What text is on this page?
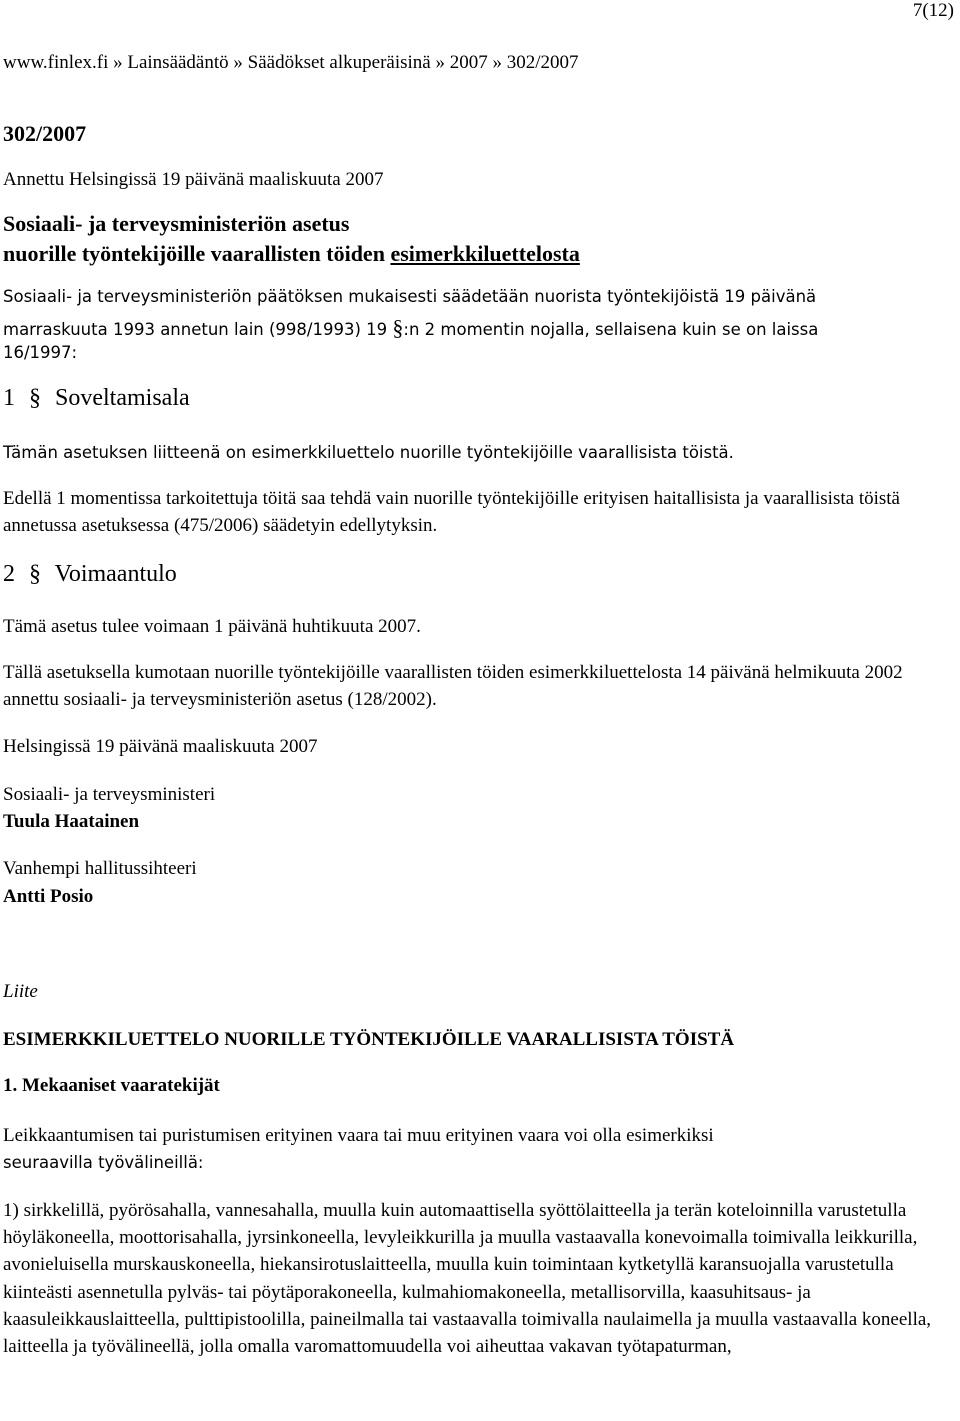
7(12)
www.finlex.fi » Lainsäädäntö » Säädökset alkuperäisinä » 2007 » 302/2007
302/2007
Annettu Helsingissä 19 päivänä maaliskuuta 2007
Sosiaali- ja terveysministeriön asetus
nuorille työntekijöille vaarallisten töiden esimerkkiluettelosta
Sosiaali- ja terveysministeriön päätöksen mukaisesti säädetään nuorista työntekijöistä 19 päivänä
marraskuuta 1993 annetun lain (998/1993) 19 §:n 2 momentin nojalla, sellaisena kuin se on laissa
16/1997:
1 § Soveltamisala
Tämän asetuksen liitteenä on esimerkkiluettelo nuorille työntekijöille vaarallisista töistä.
Edellä 1 momentissa tarkoitettuja töitä saa tehdä vain nuorille työntekijöille erityisen haitallisista ja vaarallisista töistä annetussa asetuksessa (475/2006) säädetyin edellytyksin.
2 § Voimaantulo
Tämä asetus tulee voimaan 1 päivänä huhtikuuta 2007.
Tällä asetuksella kumotaan nuorille työntekijöille vaarallisten töiden esimerkkiluettelosta 14 päivänä helmikuuta 2002 annettu sosiaali- ja terveysministeriön asetus (128/2002).
Helsingissä 19 päivänä maaliskuuta 2007
Sosiaali- ja terveysministeri
Tuula Haatainen
Vanhempi hallitussihteeri
Antti Posio
Liite
ESIMERKKILUETTELO NUORILLE TYÖNTEKIJÖILLE VAARALLISISTA TÖISTÄ
1. Mekaaniset vaaratekijät
Leikkaantumisen tai puristumisen erityinen vaara tai muu erityinen vaara voi olla esimerkiksi
seuraavilla työvälineillä:
1) sirkkelillä, pyörösahalla, vannesahalla, muulla kuin automaattisella syöttölaitteella ja terän koteloinnilla varustetulla höyläkoneella, moottorisahalla, jyrsinkoneella, levyleikkurilla ja muulla vastaavalla konevoimalla toimivalla leikkurilla, avonieluisella murskauskoneella, hiekansirotuslaitteella, muulla kuin toimintaan kytketyllä karansuojalla varustetulla kiinteästi asennetulla pylväs- tai pöytäporakoneella, kulmahiomakoneella, metallisorvilla, kaasuhitsaus- ja kaasuleikkauslaitteella, pulttipistoolilla, paineilmalla tai vastaavalla toimivalla naulaimella ja muulla vastaavalla koneella, laitteella ja työvälineellä, jolla omalla varomattomuudella voi aiheuttaa vakavan työtapaturman,
